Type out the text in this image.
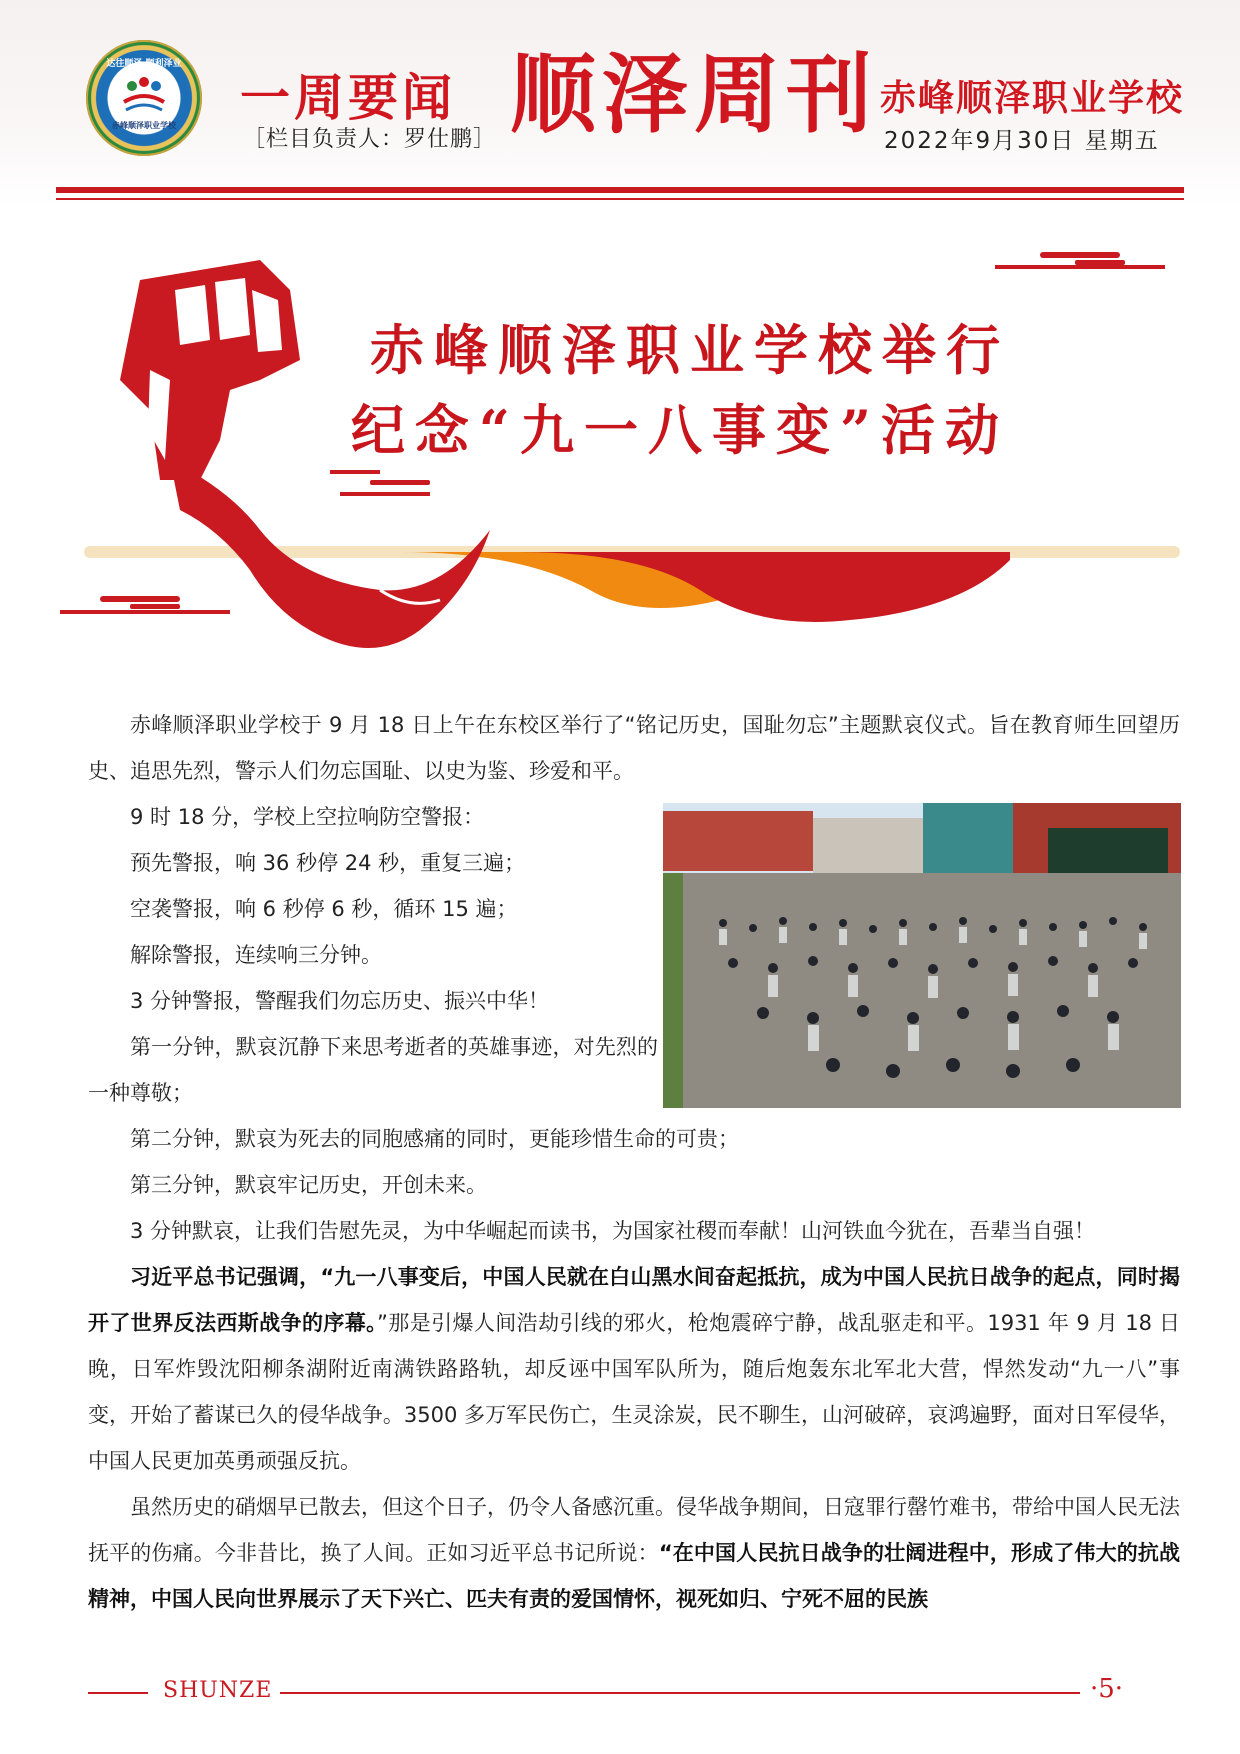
达往顺泽 顺利泽业
赤峰顺泽职业学校	一周要闻
［栏目负责人：罗仕鹏］ 顺泽周刊 赤峰顺泽职业学校
2022年9月30日 星期五
赤峰顺泽职业学校举行
纪念“九一八事变”活动
赤峰顺泽职业学校于 9 月 18 日上午在东校区举行了“铭记历史，国耻勿忘”主题默哀仪式。旨在教育师生回望历史、追思先烈，警示人们勿忘国耻、以史为鉴、珍爱和平。
9 时 18 分，学校上空拉响防空警报：
预先警报，响 36 秒停 24 秒，重复三遍；
空袭警报，响 6 秒停 6 秒，循环 15 遍；
解除警报，连续响三分钟。
3 分钟警报，警醒我们勿忘历史、振兴中华！
第一分钟，默哀沉静下来思考逝者的英雄事迹，对先烈的一种尊敬；
第二分钟，默哀为死去的同胞感痛的同时，更能珍惜生命的可贵；
第三分钟，默哀牢记历史，开创未来。
3 分钟默哀，让我们告慰先灵，为中华崛起而读书，为国家社稷而奉献！山河铁血今犹在，吾辈当自强！
习近平总书记强调，“九一八事变后，中国人民就在白山黑水间奋起抵抗，成为中国人民抗日战争的起点，同时揭开了世界反法西斯战争的序幕。”那是引爆人间浩劫引线的邪火，枪炮震碎宁静，战乱驱走和平。1931 年 9 月 18 日晚，日军炸毁沈阳柳条湖附近南满铁路路轨，却反诬中国军队所为，随后炮轰东北军北大营，悍然发动“九一八”事变，开始了蓄谋已久的侵华战争。3500 多万军民伤亡，生灵涂炭，民不聊生，山河破碎，哀鸿遍野，面对日军侵华，中国人民更加英勇顽强反抗。
虽然历史的硝烟早已散去，但这个日子，仍令人备感沉重。侵华战争期间，日寇罪行罄竹难书，带给中国人民无法抚平的伤痛。今非昔比，换了人间。正如习近平总书记所说：“在中国人民抗日战争的壮阔进程中，形成了伟大的抗战精神，中国人民向世界展示了天下兴亡、匹夫有责的爱国情怀，视死如归、宁死不屈的民族
SHUNZE	·5·
